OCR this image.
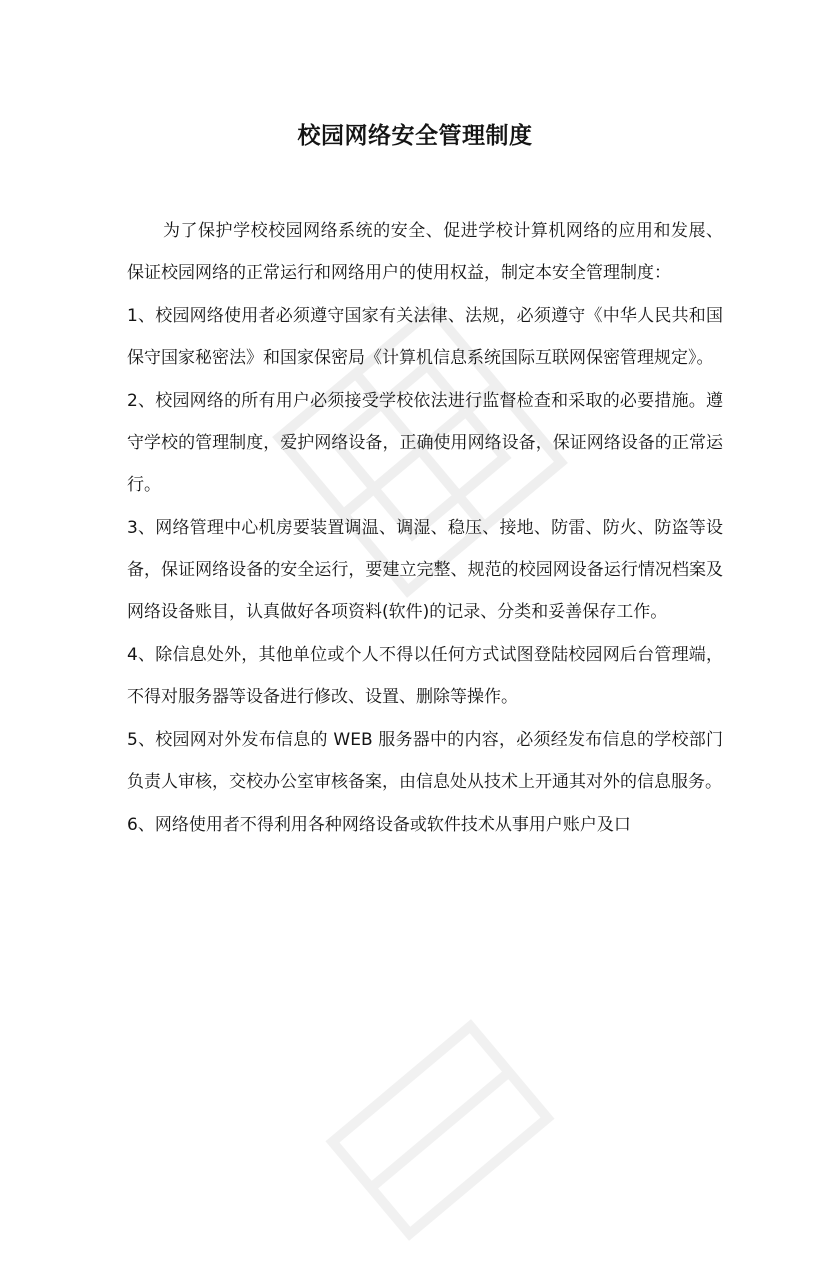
校园网络安全管理制度

为了保护学校校园网络系统的安全、促进学校计算机网络的应用和发展、保证校园网络的正常运行和网络用户的使用权益，制定本安全管理制度：

1、校园网络使用者必须遵守国家有关法律、法规，必须遵守《中华人民共和国保守国家秘密法》和国家保密局《计算机信息系统国际互联网保密管理规定》。

2、校园网络的所有用户必须接受学校依法进行监督检查和采取的必要措施。遵守学校的管理制度，爱护网络设备，正确使用网络设备，保证网络设备的正常运行。

3、网络管理中心机房要装置调温、调湿、稳压、接地、防雷、防火、防盗等设备，保证网络设备的安全运行，要建立完整、规范的校园网设备运行情况档案及网络设备账目，认真做好各项资料(软件)的记录、分类和妥善保存工作。

4、除信息处外，其他单位或个人不得以任何方式试图登陆校园网后台管理端，不得对服务器等设备进行修改、设置、删除等操作。

5、校园网对外发布信息的 WEB 服务器中的内容，必须经发布信息的学校部门负责人审核，交校办公室审核备案，由信息处从技术上开通其对外的信息服务。

6、网络使用者不得利用各种网络设备或软件技术从事用户账户及口
